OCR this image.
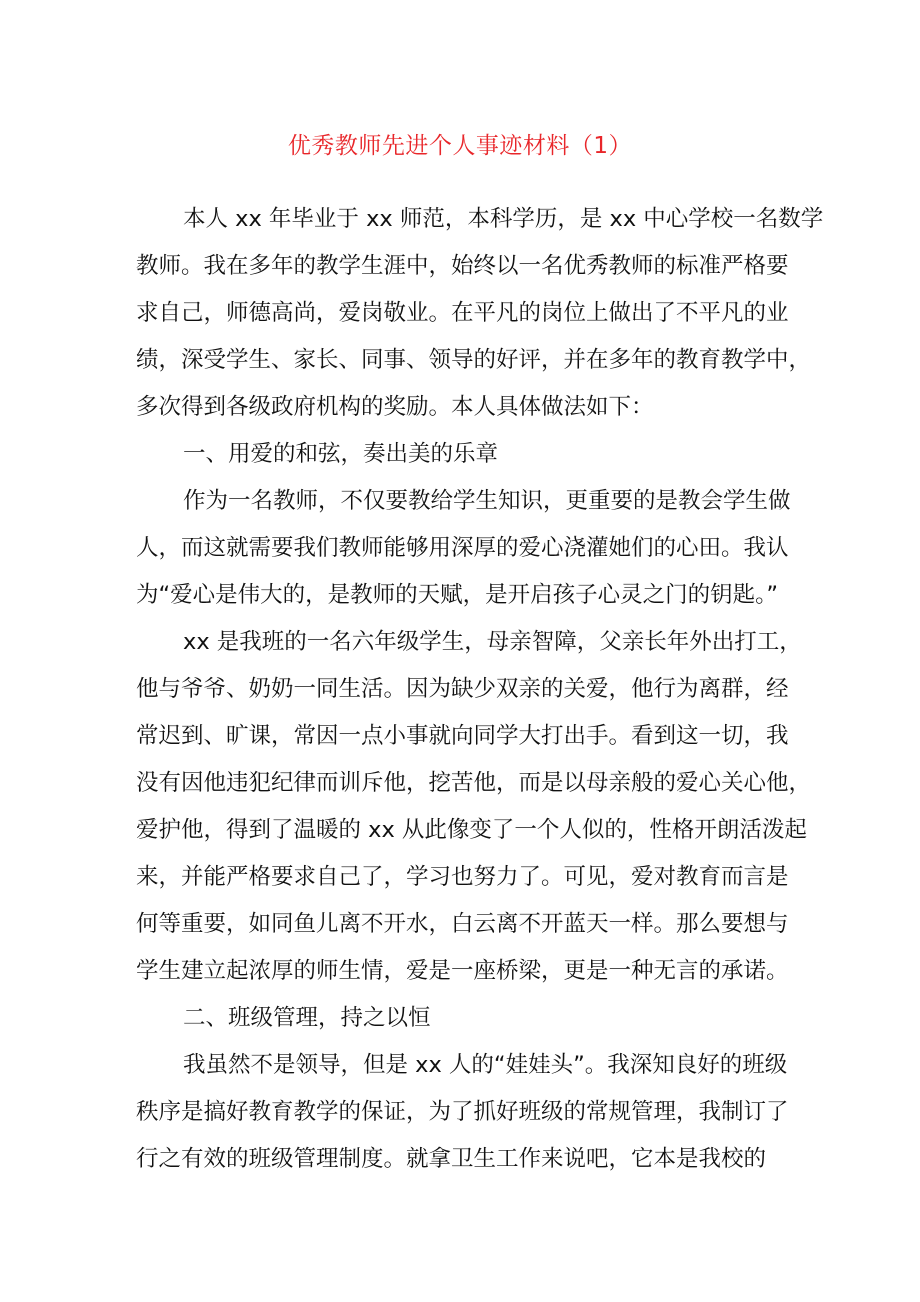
优秀教师先进个人事迹材料（1）
本人 xx 年毕业于 xx 师范，本科学历，是 xx 中心学校一名数学
教师。我在多年的教学生涯中，始终以一名优秀教师的标准严格要
求自己，师德高尚，爱岗敬业。在平凡的岗位上做出了不平凡的业
绩，深受学生、家长、同事、领导的好评，并在多年的教育教学中，
多次得到各级政府机构的奖励。本人具体做法如下：
一、用爱的和弦，奏出美的乐章
作为一名教师，不仅要教给学生知识，更重要的是教会学生做
人，而这就需要我们教师能够用深厚的爱心浇灌她们的心田。我认
为“爱心是伟大的，是教师的天赋，是开启孩子心灵之门的钥匙。”
xx 是我班的一名六年级学生，母亲智障，父亲长年外出打工，
他与爷爷、奶奶一同生活。因为缺少双亲的关爱，他行为离群，经
常迟到、旷课，常因一点小事就向同学大打出手。看到这一切，我
没有因他违犯纪律而训斥他，挖苦他，而是以母亲般的爱心关心他，
爱护他，得到了温暖的 xx 从此像变了一个人似的，性格开朗活泼起
来，并能严格要求自己了，学习也努力了。可见，爱对教育而言是
何等重要，如同鱼儿离不开水，白云离不开蓝天一样。那么要想与
学生建立起浓厚的师生情，爱是一座桥梁，更是一种无言的承诺。
二、班级管理，持之以恒
我虽然不是领导，但是 xx 人的“娃娃头”。我深知良好的班级
秩序是搞好教育教学的保证，为了抓好班级的常规管理，我制订了
行之有效的班级管理制度。就拿卫生工作来说吧，它本是我校的
